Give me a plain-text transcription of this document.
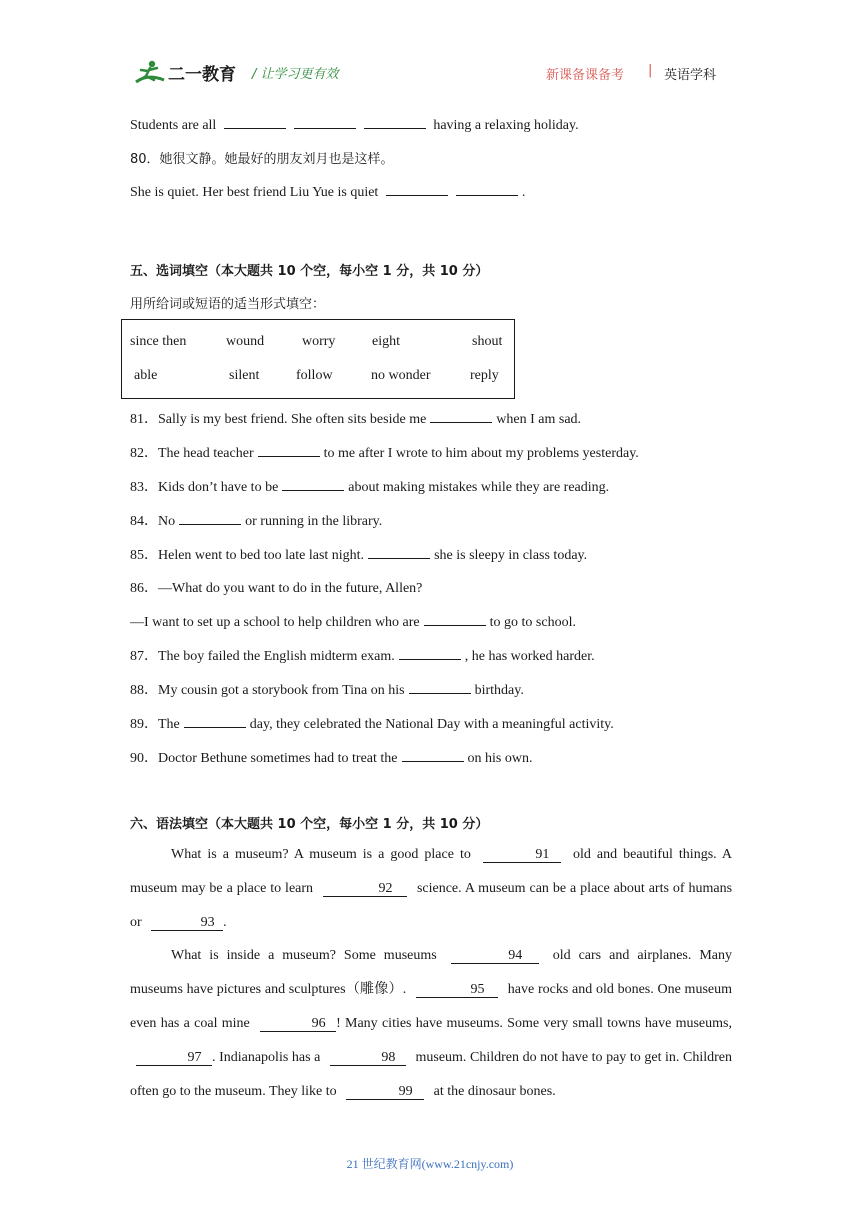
二一教育 / 让学习更有效	新课备课备考 | 英语学科
Students are all	having a relaxing holiday.
80．她很文静。她最好的朋友刘月也是这样。
She is quiet. Her best friend Liu Yue is quiet	.
五、选词填空（本大题共 10 个空，每小空 1 分，共 10 分）
用所给词或短语的适当形式填空：
since then	wound	worry	eight	shout
able	silent	follow	no wonder	reply
81．Sally is my best friend. She often sits beside me	when I am sad.
82．The head teacher	to me after I wrote to him about my problems yesterday.
83．Kids don’t have to be	about making mistakes while they are reading.
84．No	or running in the library.
85．Helen went to bed too late last night.	she is sleepy in class today.
86．—What do you want to do in the future, Allen?
—I want to set up a school to help children who are	to go to school.
87．The boy failed the English midterm exam.	, he has worked harder.
88．My cousin got a storybook from Tina on his	birthday.
89．The	day, they celebrated the National Day with a meaningful activity.
90．Doctor Bethune sometimes had to treat the	on his own.
六、语法填空（本大题共 10 个空，每小空 1 分，共 10 分）
What is a museum? A museum is a good place to	91 old and beautiful things. A museum may be a place to learn	92 science. A museum can be a place about arts of humans or	93 .
What is inside a museum? Some museums	94 old cars and airplanes. Many museums have pictures and sculptures（雕像）.	95 have rocks and old bones. One museum even has a coal mine	96 ! Many cities have museums. Some very small towns have museums, 97 . Indianapolis has a	98 museum. Children do not have to pay to get in. Children often go to the museum. They like to	99 at the dinosaur bones.
21 世纪教育网(www.21cnjy.com)
